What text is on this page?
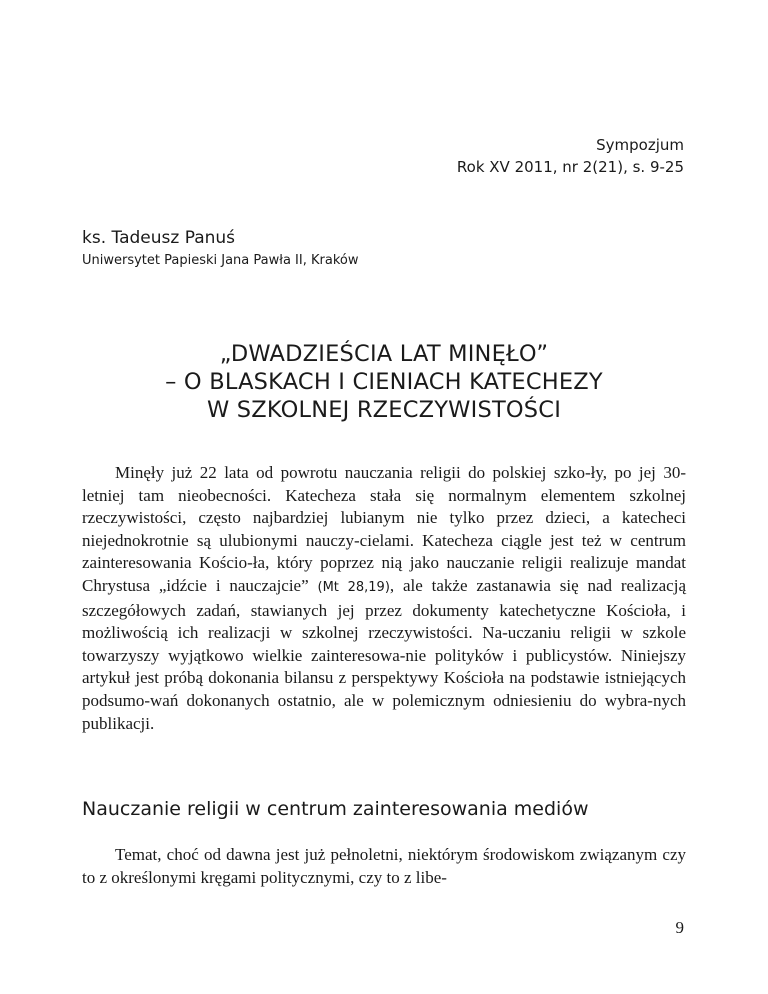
Sympozjum
Rok XV 2011, nr 2(21), s. 9-25
ks. Tadeusz Panuś
Uniwersytet Papieski Jana Pawła II, Kraków
„DWADZIEŚCIA LAT MINĘŁO”
– O BLASKACH I CIENIACH KATECHEZY
W SZKOLNEJ RZECZYWISTOŚCI

Minęły już 22 lata od powrotu nauczania religii do polskiej szko-ły, po jej 30-letniej tam nieobecności. Katecheza stała się normalnym elementem szkolnej rzeczywistości, często najbardziej lubianym nie tylko przez dzieci, a katecheci niejednokrotnie są ulubionymi nauczy-cielami. Katecheza ciągle jest też w centrum zainteresowania Kościo-ła, który poprzez nią jako nauczanie religii realizuje mandat Chrystusa „idźcie i nauczajcie” (Mt 28,19), ale także zastanawia się nad realizacją szczegółowych zadań, stawianych jej przez dokumenty katechetyczne Kościoła, i możliwością ich realizacji w szkolnej rzeczywistości. Na-uczaniu religii w szkole towarzyszy wyjątkowo wielkie zainteresowa-nie polityków i publicystów. Niniejszy artykuł jest próbą dokonania bilansu z perspektywy Kościoła na podstawie istniejących podsumo-wań dokonanych ostatnio, ale w polemicznym odniesieniu do wybra-nych publikacji.

Nauczanie religii w centrum zainteresowania mediów

Temat, choć od dawna jest już pełnoletni, niektórym środowiskom związanym czy to z określonymi kręgami politycznymi, czy to z libe-

9
